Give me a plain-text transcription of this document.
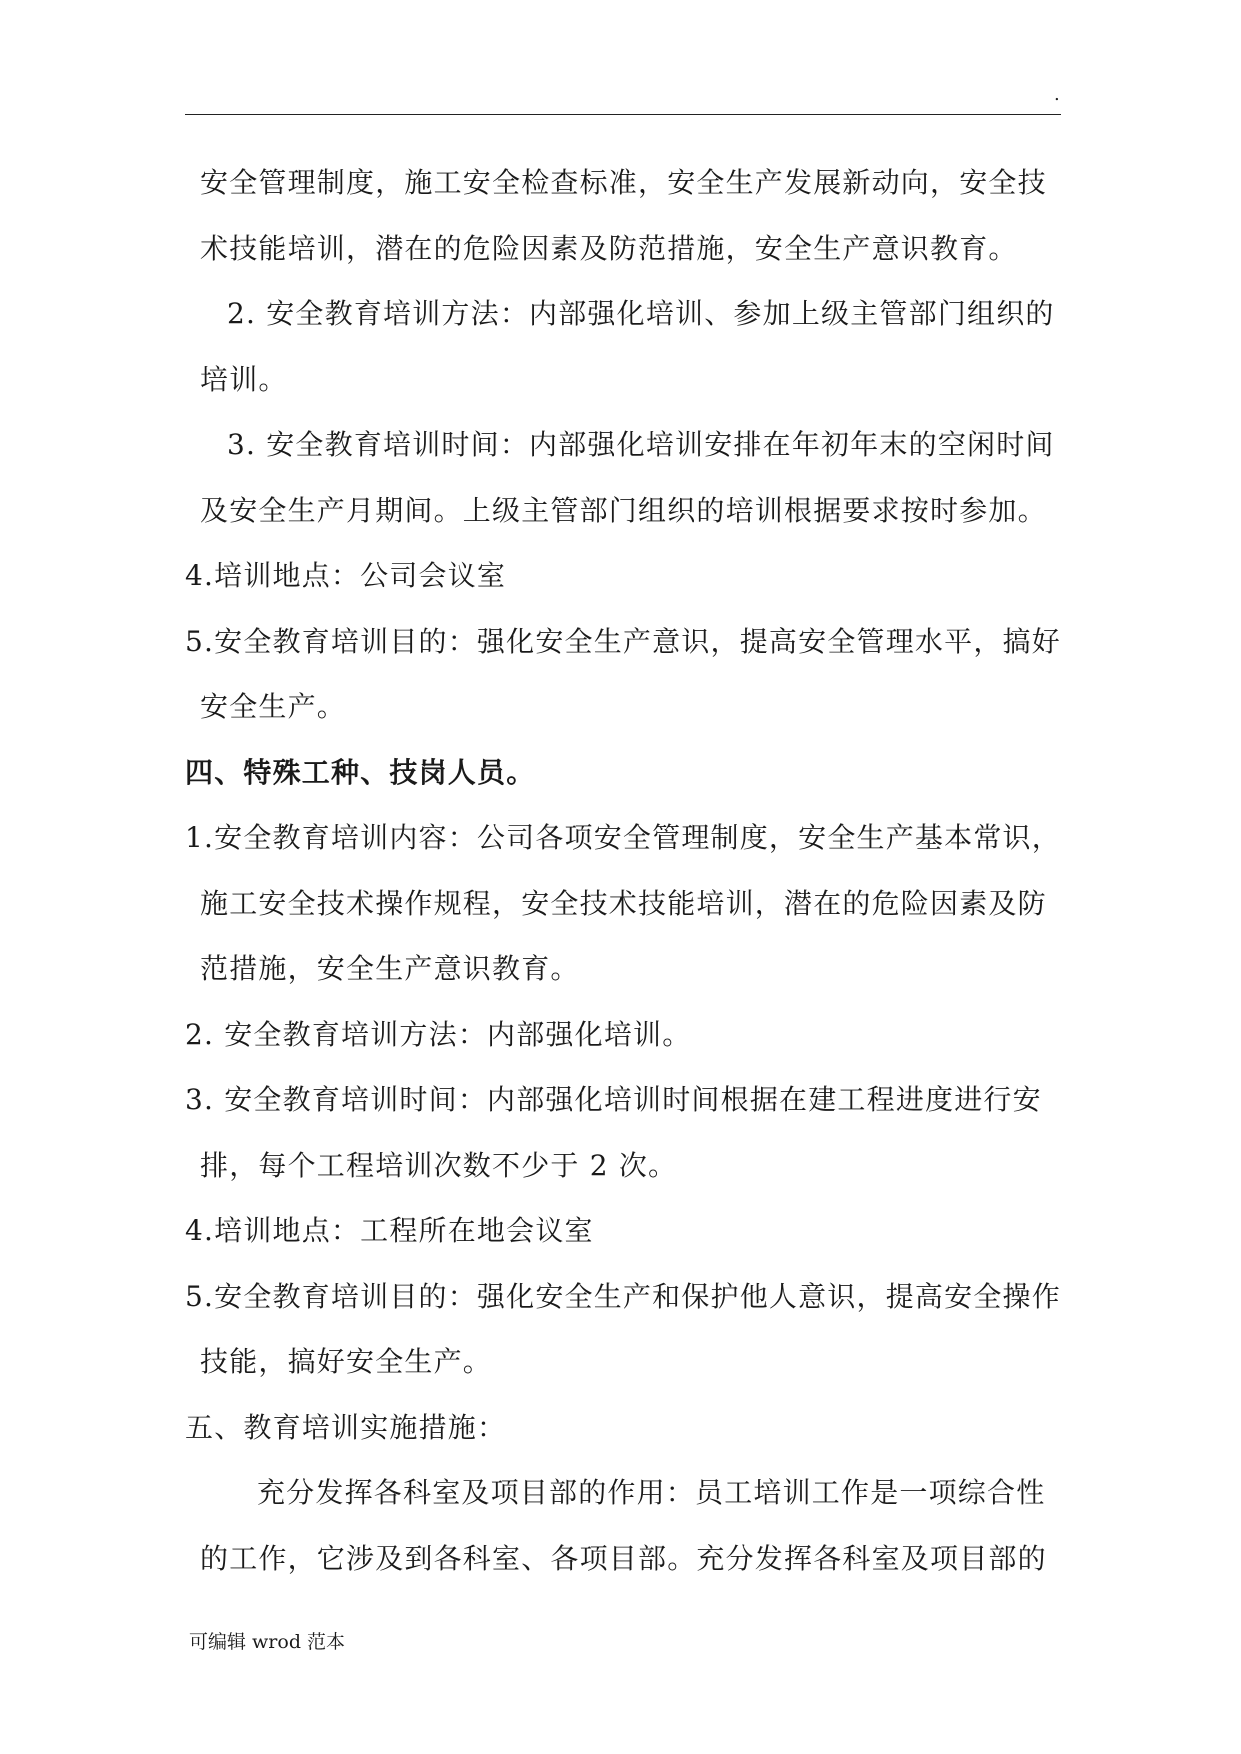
.
安全管理制度，施工安全检查标准，安全生产发展新动向，安全技
术技能培训，潜在的危险因素及防范措施，安全生产意识教育。
2. 安全教育培训方法：内部强化培训、参加上级主管部门组织的
培训。
3. 安全教育培训时间：内部强化培训安排在年初年末的空闲时间
及安全生产月期间。上级主管部门组织的培训根据要求按时参加。
4.培训地点：公司会议室
5.安全教育培训目的：强化安全生产意识，提高安全管理水平，搞好
安全生产。
四、特殊工种、技岗人员。
1.安全教育培训内容：公司各项安全管理制度，安全生产基本常识，
施工安全技术操作规程，安全技术技能培训，潜在的危险因素及防
范措施，安全生产意识教育。
2. 安全教育培训方法：内部强化培训。
3. 安全教育培训时间：内部强化培训时间根据在建工程进度进行安
排，每个工程培训次数不少于 2 次。
4.培训地点：工程所在地会议室
5.安全教育培训目的：强化安全生产和保护他人意识，提高安全操作
技能，搞好安全生产。
五、教育培训实施措施：
充分发挥各科室及项目部的作用：员工培训工作是一项综合性
的工作，它涉及到各科室、各项目部。充分发挥各科室及项目部的
可编辑 wrod 范本
